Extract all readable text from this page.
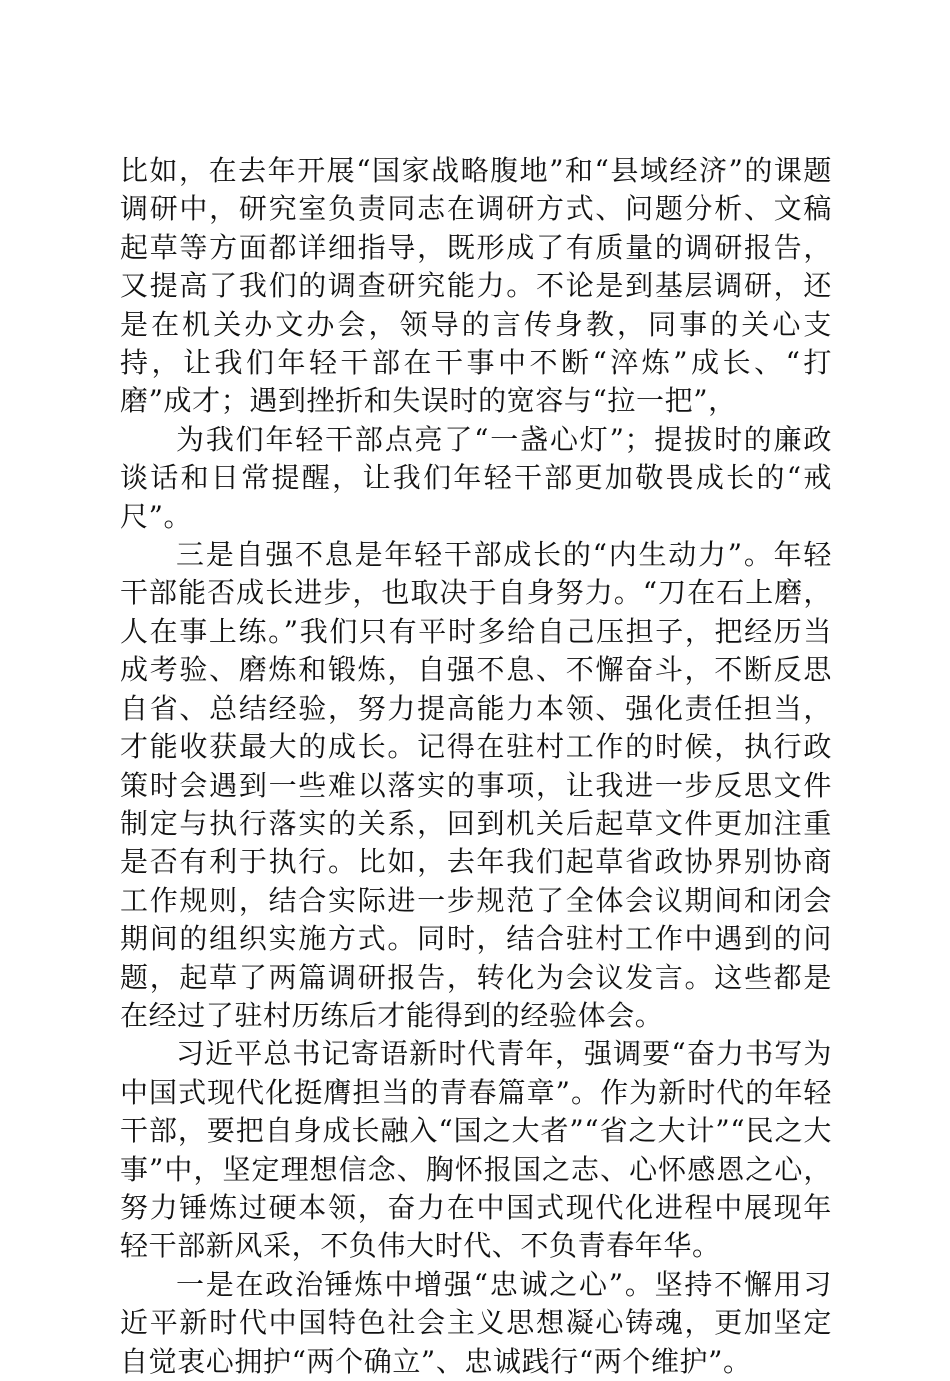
比如，在去年开展“国家战略腹地”和“县域经济”的课题调研中，研究室负责同志在调研方式、问题分析、文稿起草等方面都详细指导，既形成了有质量的调研报告，又提高了我们的调查研究能力。不论是到基层调研，还是在机关办文办会，领导的言传身教，同事的关心支持，让我们年轻干部在干事中不断“淬炼”成长、“打磨”成才；遇到挫折和失误时的宽容与“拉一把”，

为我们年轻干部点亮了“一盏心灯”；提拔时的廉政谈话和日常提醒，让我们年轻干部更加敬畏成长的“戒尺”。

三是自强不息是年轻干部成长的“内生动力”。年轻干部能否成长进步，也取决于自身努力。“刀在石上磨，人在事上练。”我们只有平时多给自己压担子，把经历当成考验、磨炼和锻炼，自强不息、不懈奋斗，不断反思自省、总结经验，努力提高能力本领、强化责任担当，才能收获最大的成长。记得在驻村工作的时候，执行政策时会遇到一些难以落实的事项，让我进一步反思文件制定与执行落实的关系，回到机关后起草文件更加注重是否有利于执行。比如，去年我们起草省政协界别协商工作规则，结合实际进一步规范了全体会议期间和闭会期间的组织实施方式。同时，结合驻村工作中遇到的问题，起草了两篇调研报告，转化为会议发言。这些都是在经过了驻村历练后才能得到的经验体会。

习近平总书记寄语新时代青年，强调要“奋力书写为中国式现代化挺膺担当的青春篇章”。作为新时代的年轻干部，要把自身成长融入“国之大者”“省之大计”“民之大事”中，坚定理想信念、胸怀报国之志、心怀感恩之心，努力锤炼过硬本领，奋力在中国式现代化进程中展现年轻干部新风采，不负伟大时代、不负青春年华。

一是在政治锤炼中增强“忠诚之心”。坚持不懈用习近平新时代中国特色社会主义思想凝心铸魂，更加坚定自觉衷心拥护“两个确立”、忠诚践行“两个维护”。
